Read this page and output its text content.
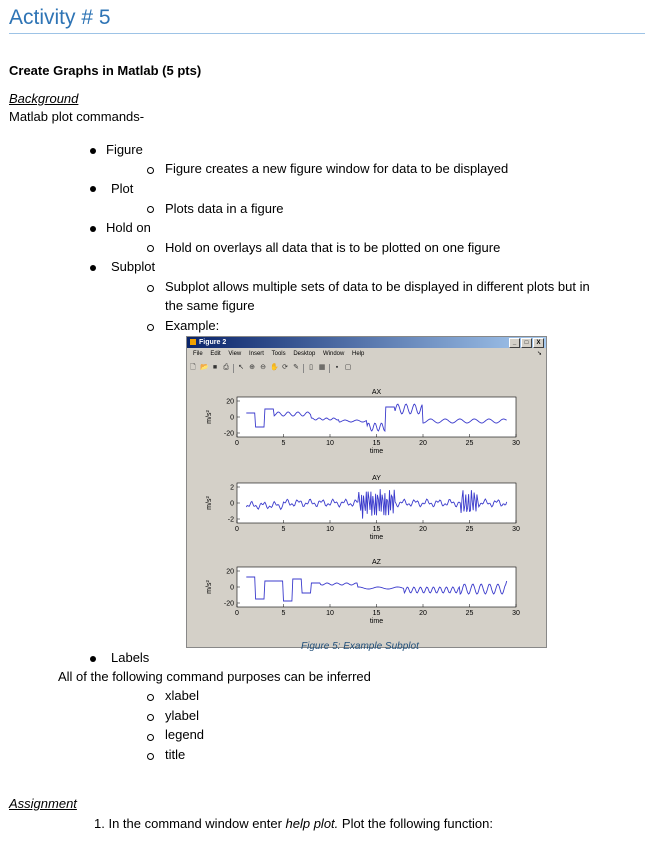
Activity # 5
Create Graphs in Matlab (5 pts)
Background
Matlab plot commands-
Figure
Figure creates a new figure window for data to be displayed
Plot
Plots data in a figure
Hold on
Hold on overlays all data that is to be plotted on one figure
Subplot
Subplot allows multiple sets of data to be displayed in different plots but in
the same figure
Example:
Figure 2	_	□	X
File Edit View Insert Tools Desktop Window Help	➘
🗋 📂 ■ ⎙ ↖ ⊕ ⊖ ✋ ⟳ ✎ ▯ ▦	▪ ▢
AX
20
0
-20
m/s²
0	5	10	15	20	25	30
time
AY
2
0
-2
m/s²
0	5	10	15	20	25	30
time
AZ
20
0
-20
m/s²
0	5	10	15	20	25	30
time
Figure 5: Example Subplot
Labels
All of the following command purposes can be inferred
xlabel
ylabel
legend
title
Assignment
1. In the command window enter help plot. Plot the following function:
